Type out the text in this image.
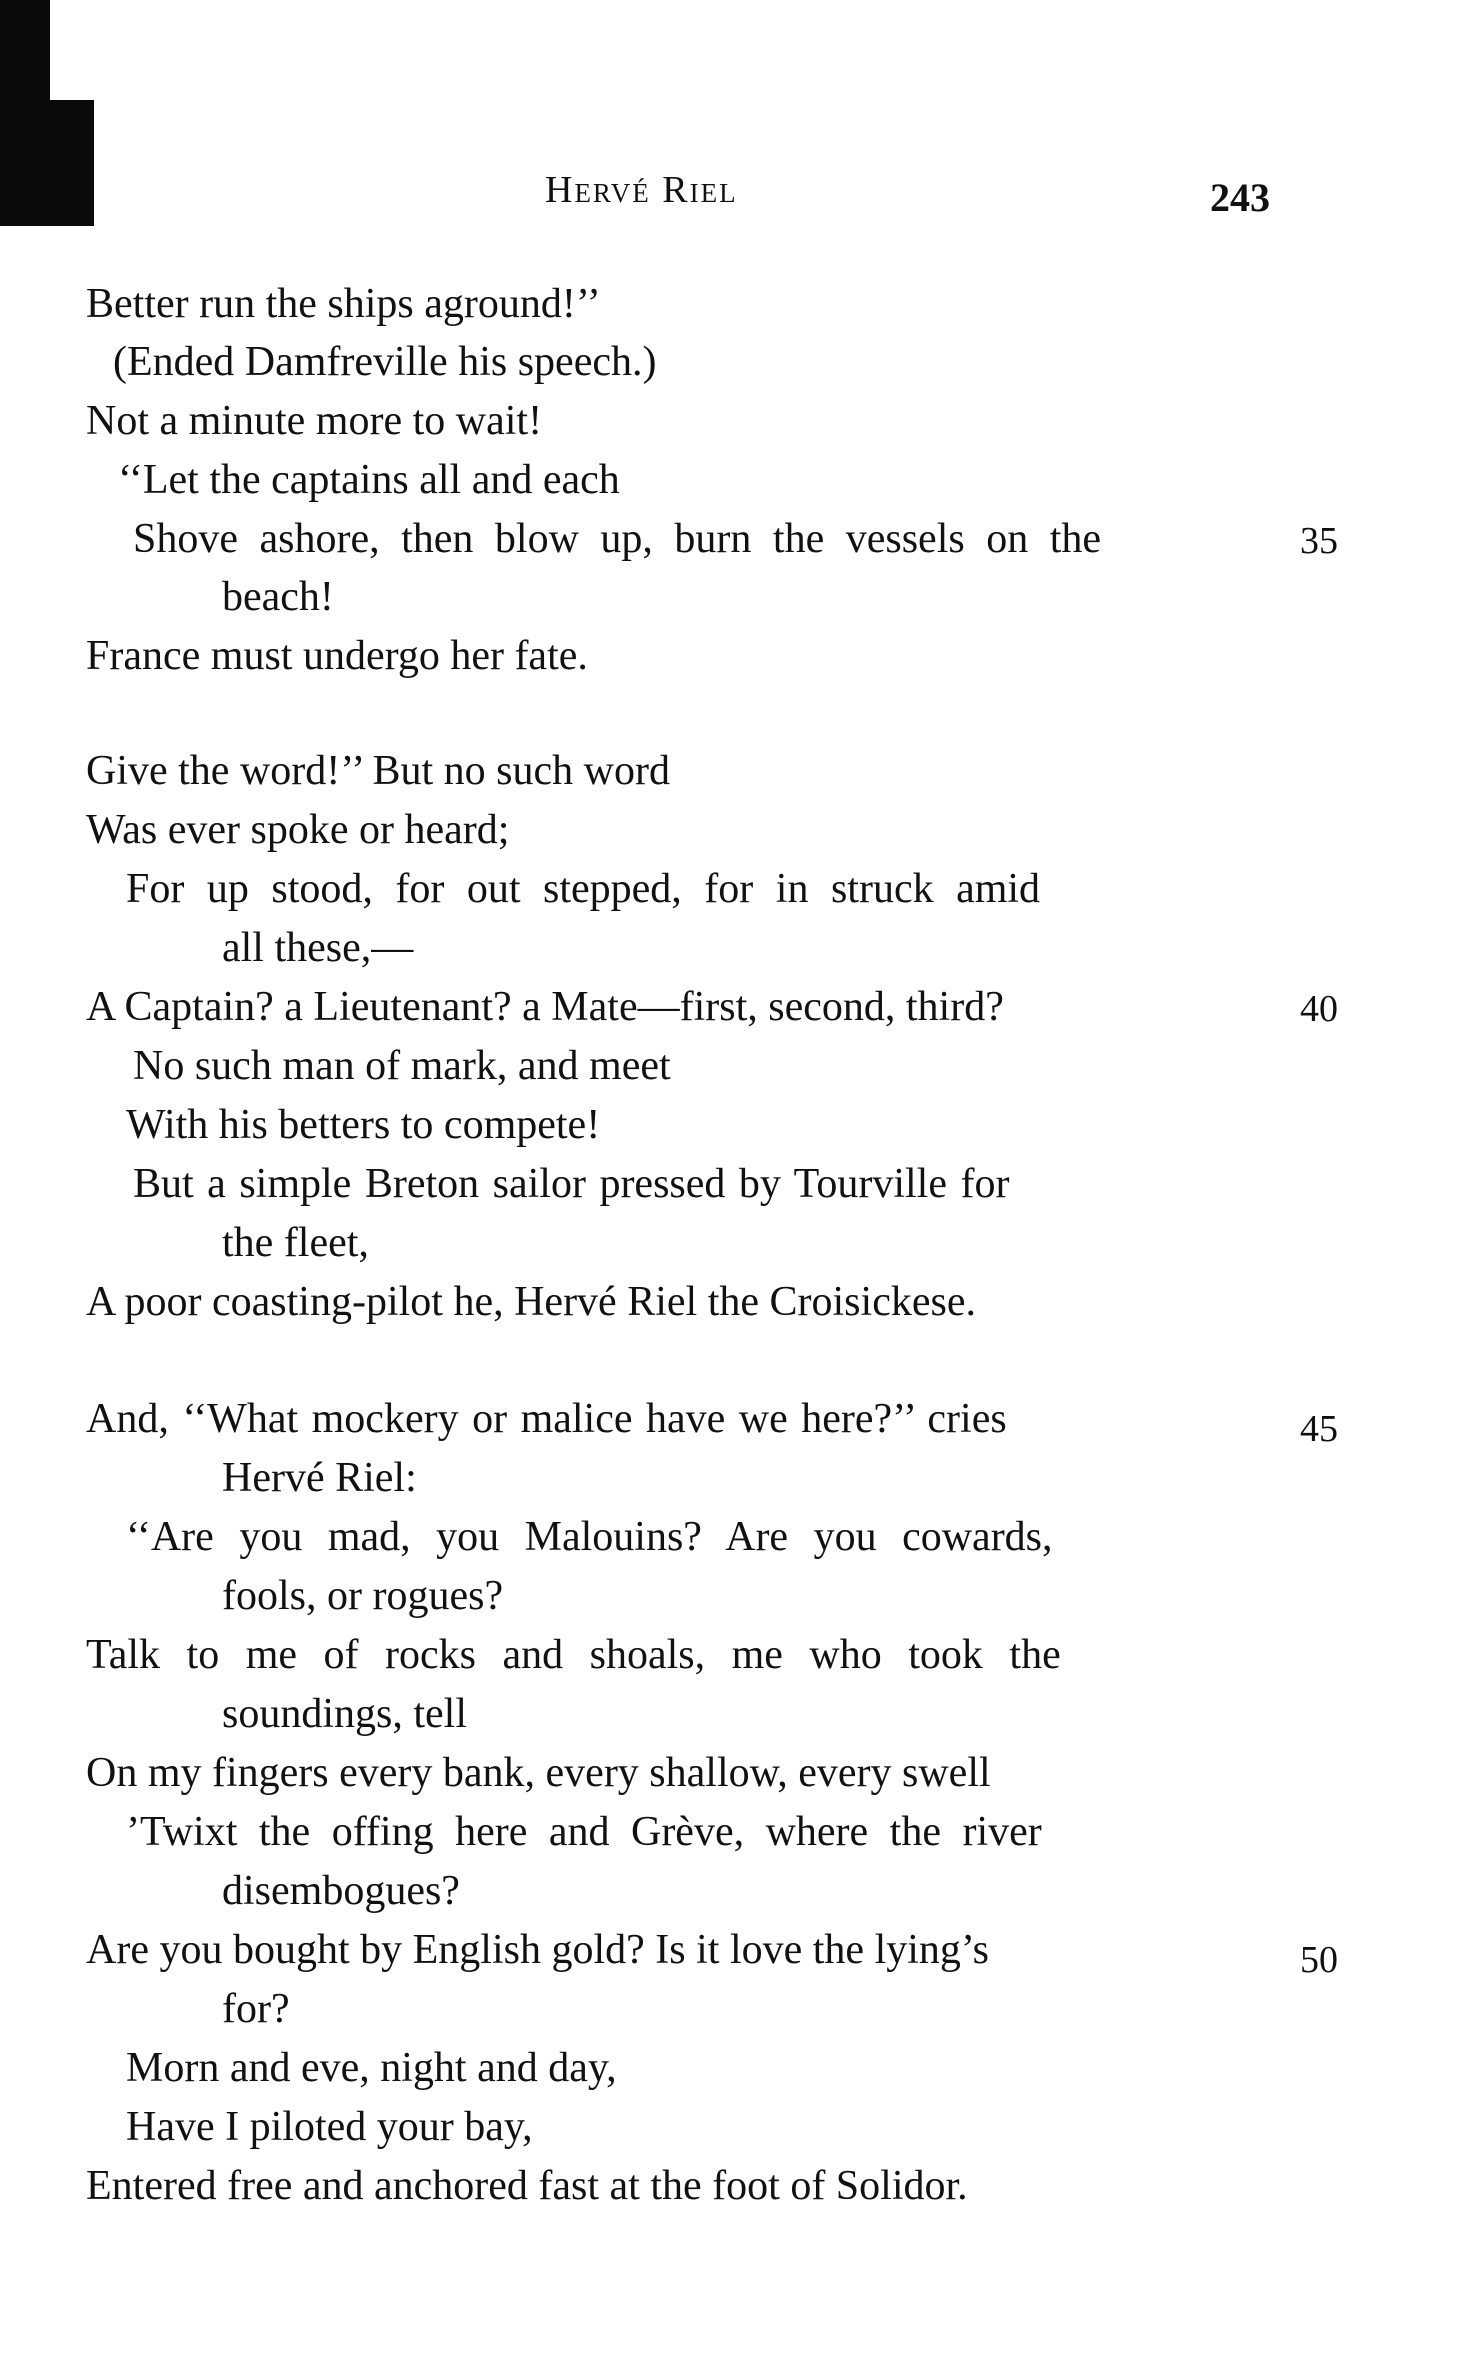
Hervé Riel	243
Better run the ships aground!’’
(Ended Damfreville his speech.)
Not a minute more to wait!
‘‘Let the captains all and each
Shove ashore, then blow up, burn the vessels on the
beach!
France must undergo her fate.
Give the word!’’ But no such word
Was ever spoke or heard;
For up stood, for out stepped, for in struck amid
all these,—
A Captain? a Lieutenant? a Mate—first, second, third?
No such man of mark, and meet
With his betters to compete!
But a simple Breton sailor pressed by Tourville for
the fleet,
A poor coasting-pilot he, Hervé Riel the Croisickese.
And, ‘‘What mockery or malice have we here?’’ cries
Hervé Riel:
‘‘Are you mad, you Malouins? Are you cowards,
fools, or rogues?
Talk to me of rocks and shoals, me who took the
soundings, tell
On my fingers every bank, every shallow, every swell
’Twixt the offing here and Grève, where the river
disembogues?
Are you bought by English gold? Is it love the lying’s
for?
Morn and eve, night and day,
Have I piloted your bay,
Entered free and anchored fast at the foot of Solidor.
35
40
45
50
